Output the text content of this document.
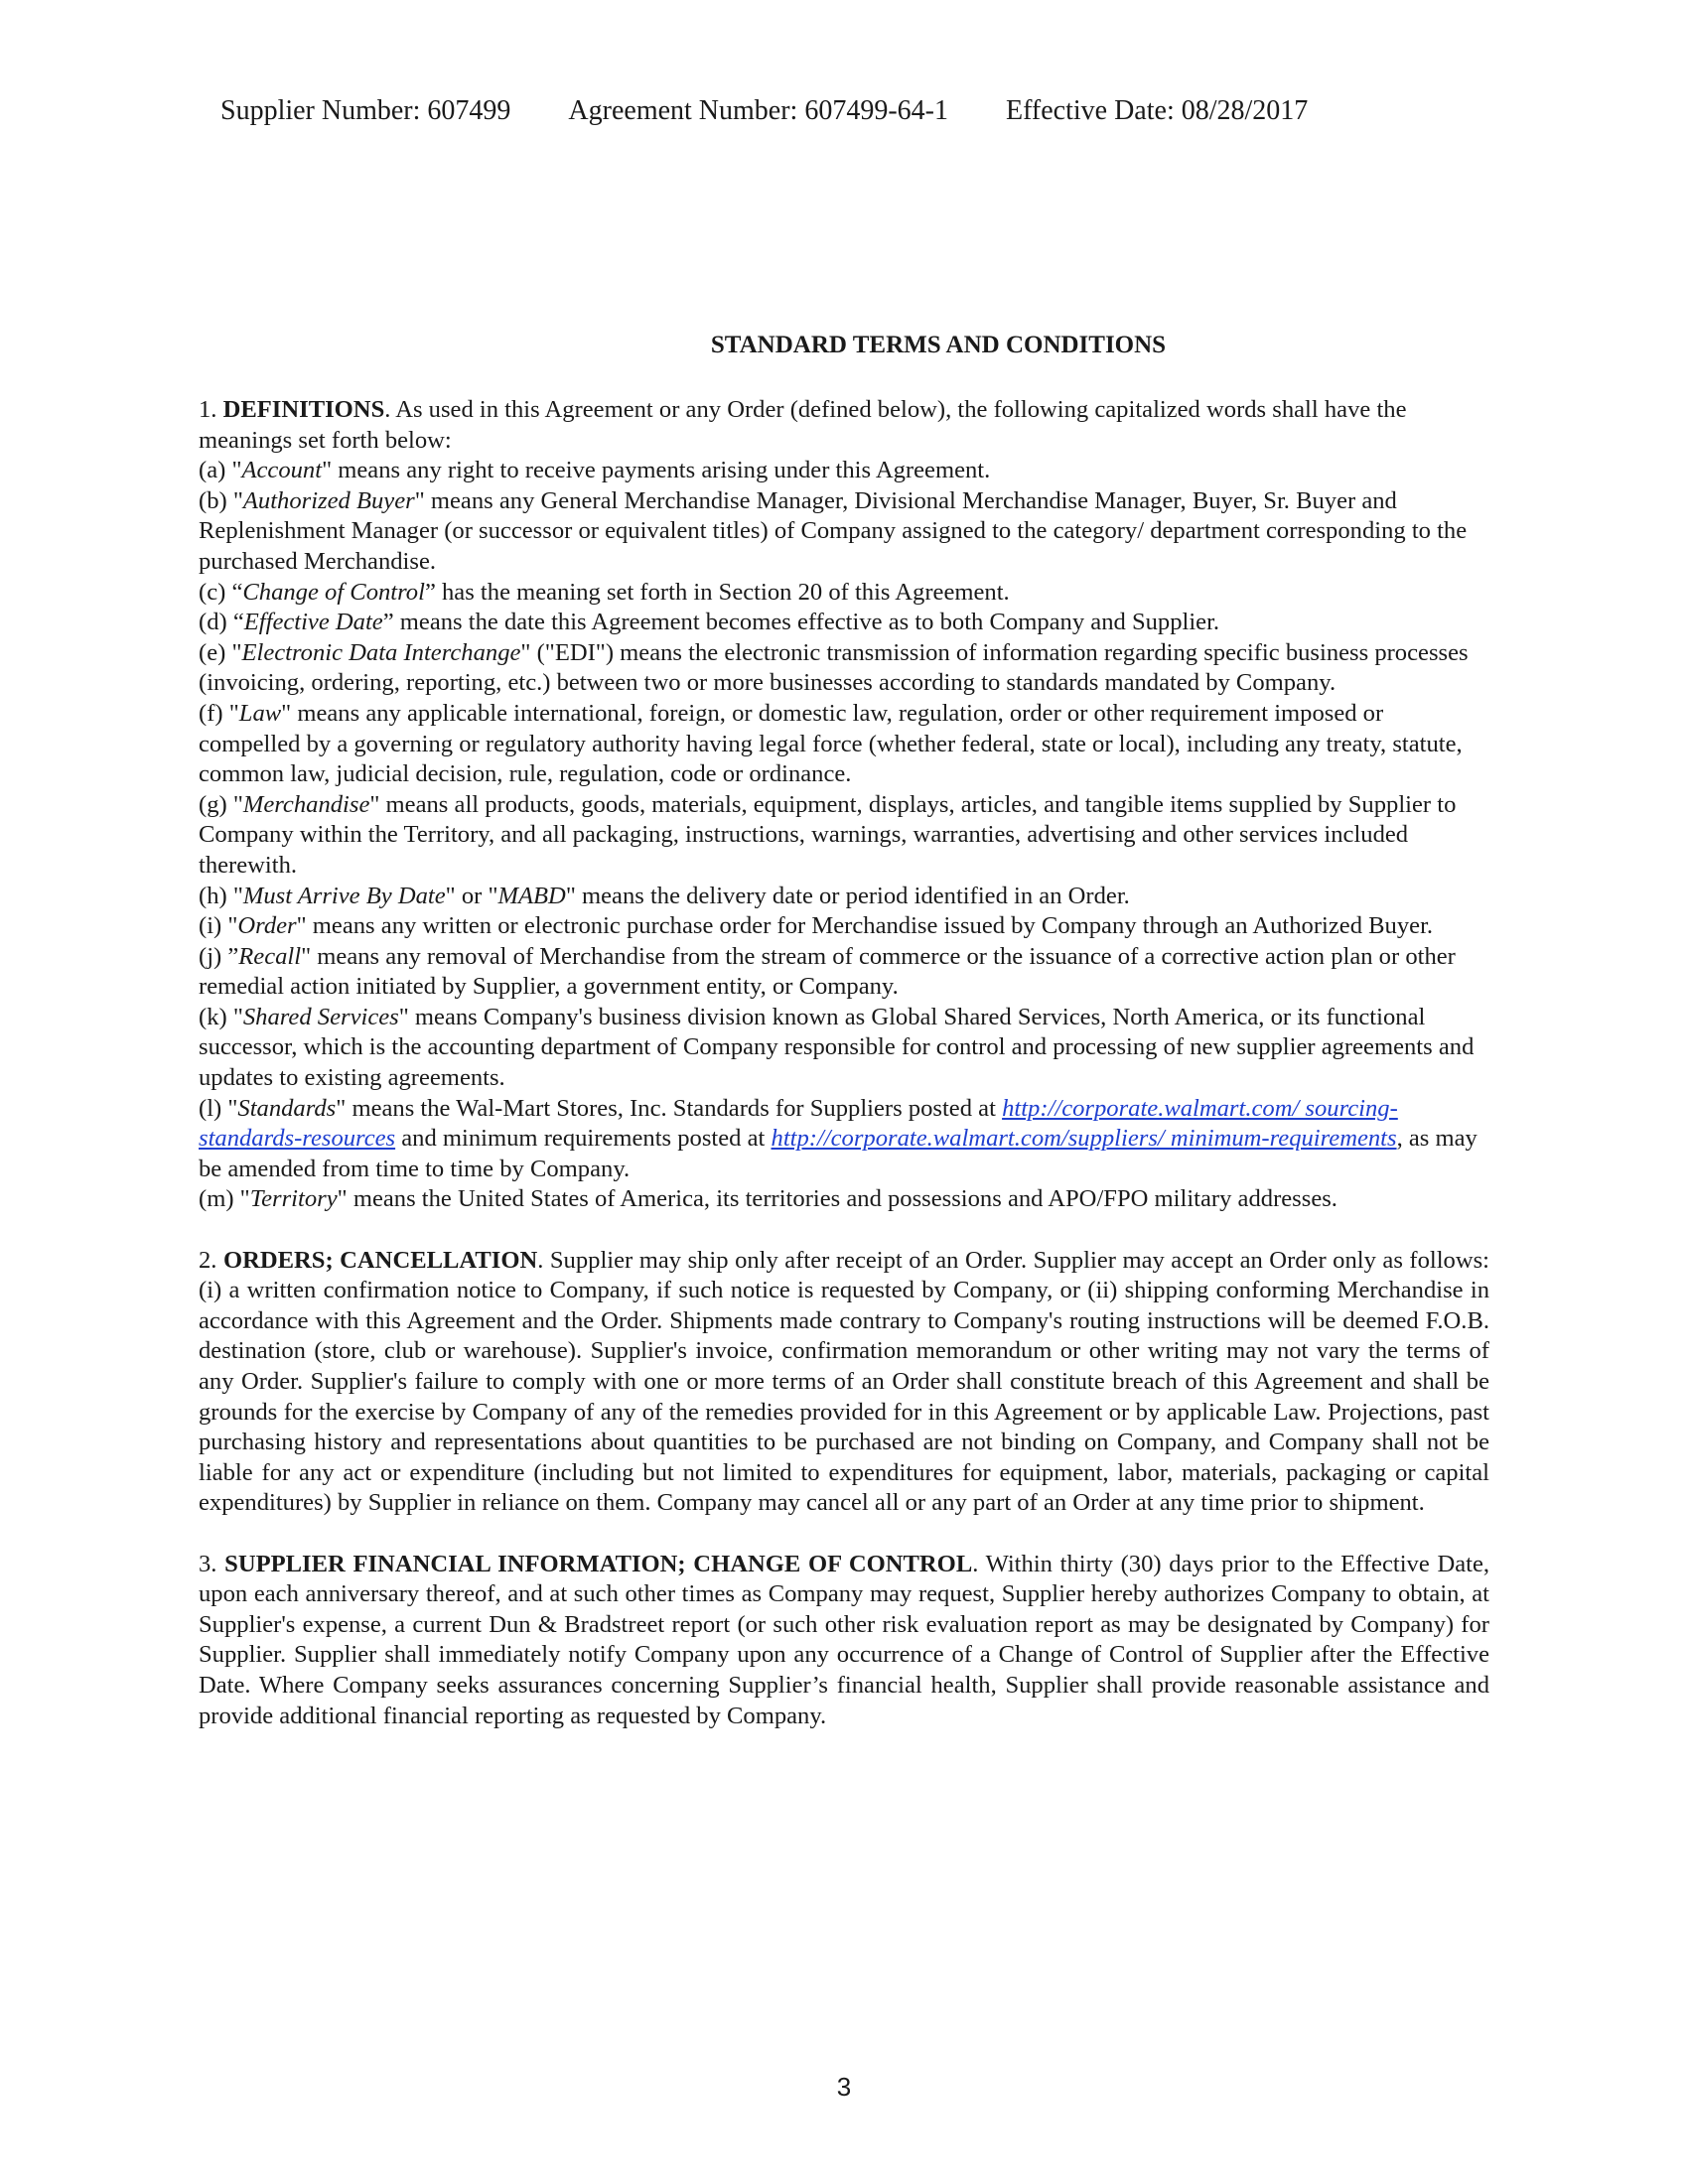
Supplier Number: 607499 Agreement Number: 607499-64-1 Effective Date: 08/28/2017
STANDARD TERMS AND CONDITIONS

1. DEFINITIONS. As used in this Agreement or any Order (defined below), the following capitalized words shall have the meanings set forth below:

(a) "Account" means any right to receive payments arising under this Agreement.

(b) "Authorized Buyer" means any General Merchandise Manager, Divisional Merchandise Manager, Buyer, Sr. Buyer and Replenishment Manager (or successor or equivalent titles) of Company assigned to the category/ department corresponding to the purchased Merchandise.

(c) “Change of Control” has the meaning set forth in Section 20 of this Agreement.

(d) “Effective Date” means the date this Agreement becomes effective as to both Company and Supplier.

(e) "Electronic Data Interchange" ("EDI") means the electronic transmission of information regarding specific business processes (invoicing, ordering, reporting, etc.) between two or more businesses according to standards mandated by Company.

(f) "Law" means any applicable international, foreign, or domestic law, regulation, order or other requirement imposed or compelled by a governing or regulatory authority having legal force (whether federal, state or local), including any treaty, statute, common law, judicial decision, rule, regulation, code or ordinance.

(g) "Merchandise" means all products, goods, materials, equipment, displays, articles, and tangible items supplied by Supplier to Company within the Territory, and all packaging, instructions, warnings, warranties, advertising and other services included therewith.

(h) "Must Arrive By Date" or "MABD" means the delivery date or period identified in an Order.

(i) "Order" means any written or electronic purchase order for Merchandise issued by Company through an Authorized Buyer.

(j) ”Recall" means any removal of Merchandise from the stream of commerce or the issuance of a corrective action plan or other remedial action initiated by Supplier, a government entity, or Company.

(k) "Shared Services" means Company's business division known as Global Shared Services, North America, or its functional successor, which is the accounting department of Company responsible for control and processing of new supplier agreements and updates to existing agreements.

(l) "Standards" means the Wal-Mart Stores, Inc. Standards for Suppliers posted at http://corporate.walmart.com/ sourcing-standards-resources and minimum requirements posted at http://corporate.walmart.com/suppliers/ minimum-requirements, as may be amended from time to time by Company.

(m) "Territory" means the United States of America, its territories and possessions and APO/FPO military addresses.

2. ORDERS; CANCELLATION. Supplier may ship only after receipt of an Order. Supplier may accept an Order only as follows: (i) a written confirmation notice to Company, if such notice is requested by Company, or (ii) shipping conforming Merchandise in accordance with this Agreement and the Order. Shipments made contrary to Company's routing instructions will be deemed F.O.B. destination (store, club or warehouse). Supplier's invoice, confirmation memorandum or other writing may not vary the terms of any Order. Supplier's failure to comply with one or more terms of an Order shall constitute breach of this Agreement and shall be grounds for the exercise by Company of any of the remedies provided for in this Agreement or by applicable Law. Projections, past purchasing history and representations about quantities to be purchased are not binding on Company, and Company shall not be liable for any act or expenditure (including but not limited to expenditures for equipment, labor, materials, packaging or capital expenditures) by Supplier in reliance on them. Company may cancel all or any part of an Order at any time prior to shipment.

3. SUPPLIER FINANCIAL INFORMATION; CHANGE OF CONTROL. Within thirty (30) days prior to the Effective Date, upon each anniversary thereof, and at such other times as Company may request, Supplier hereby authorizes Company to obtain, at Supplier's expense, a current Dun & Bradstreet report (or such other risk evaluation report as may be designated by Company) for Supplier. Supplier shall immediately notify Company upon any occurrence of a Change of Control of Supplier after the Effective Date. Where Company seeks assurances concerning Supplier’s financial health, Supplier shall provide reasonable assistance and provide additional financial reporting as requested by Company.

3
